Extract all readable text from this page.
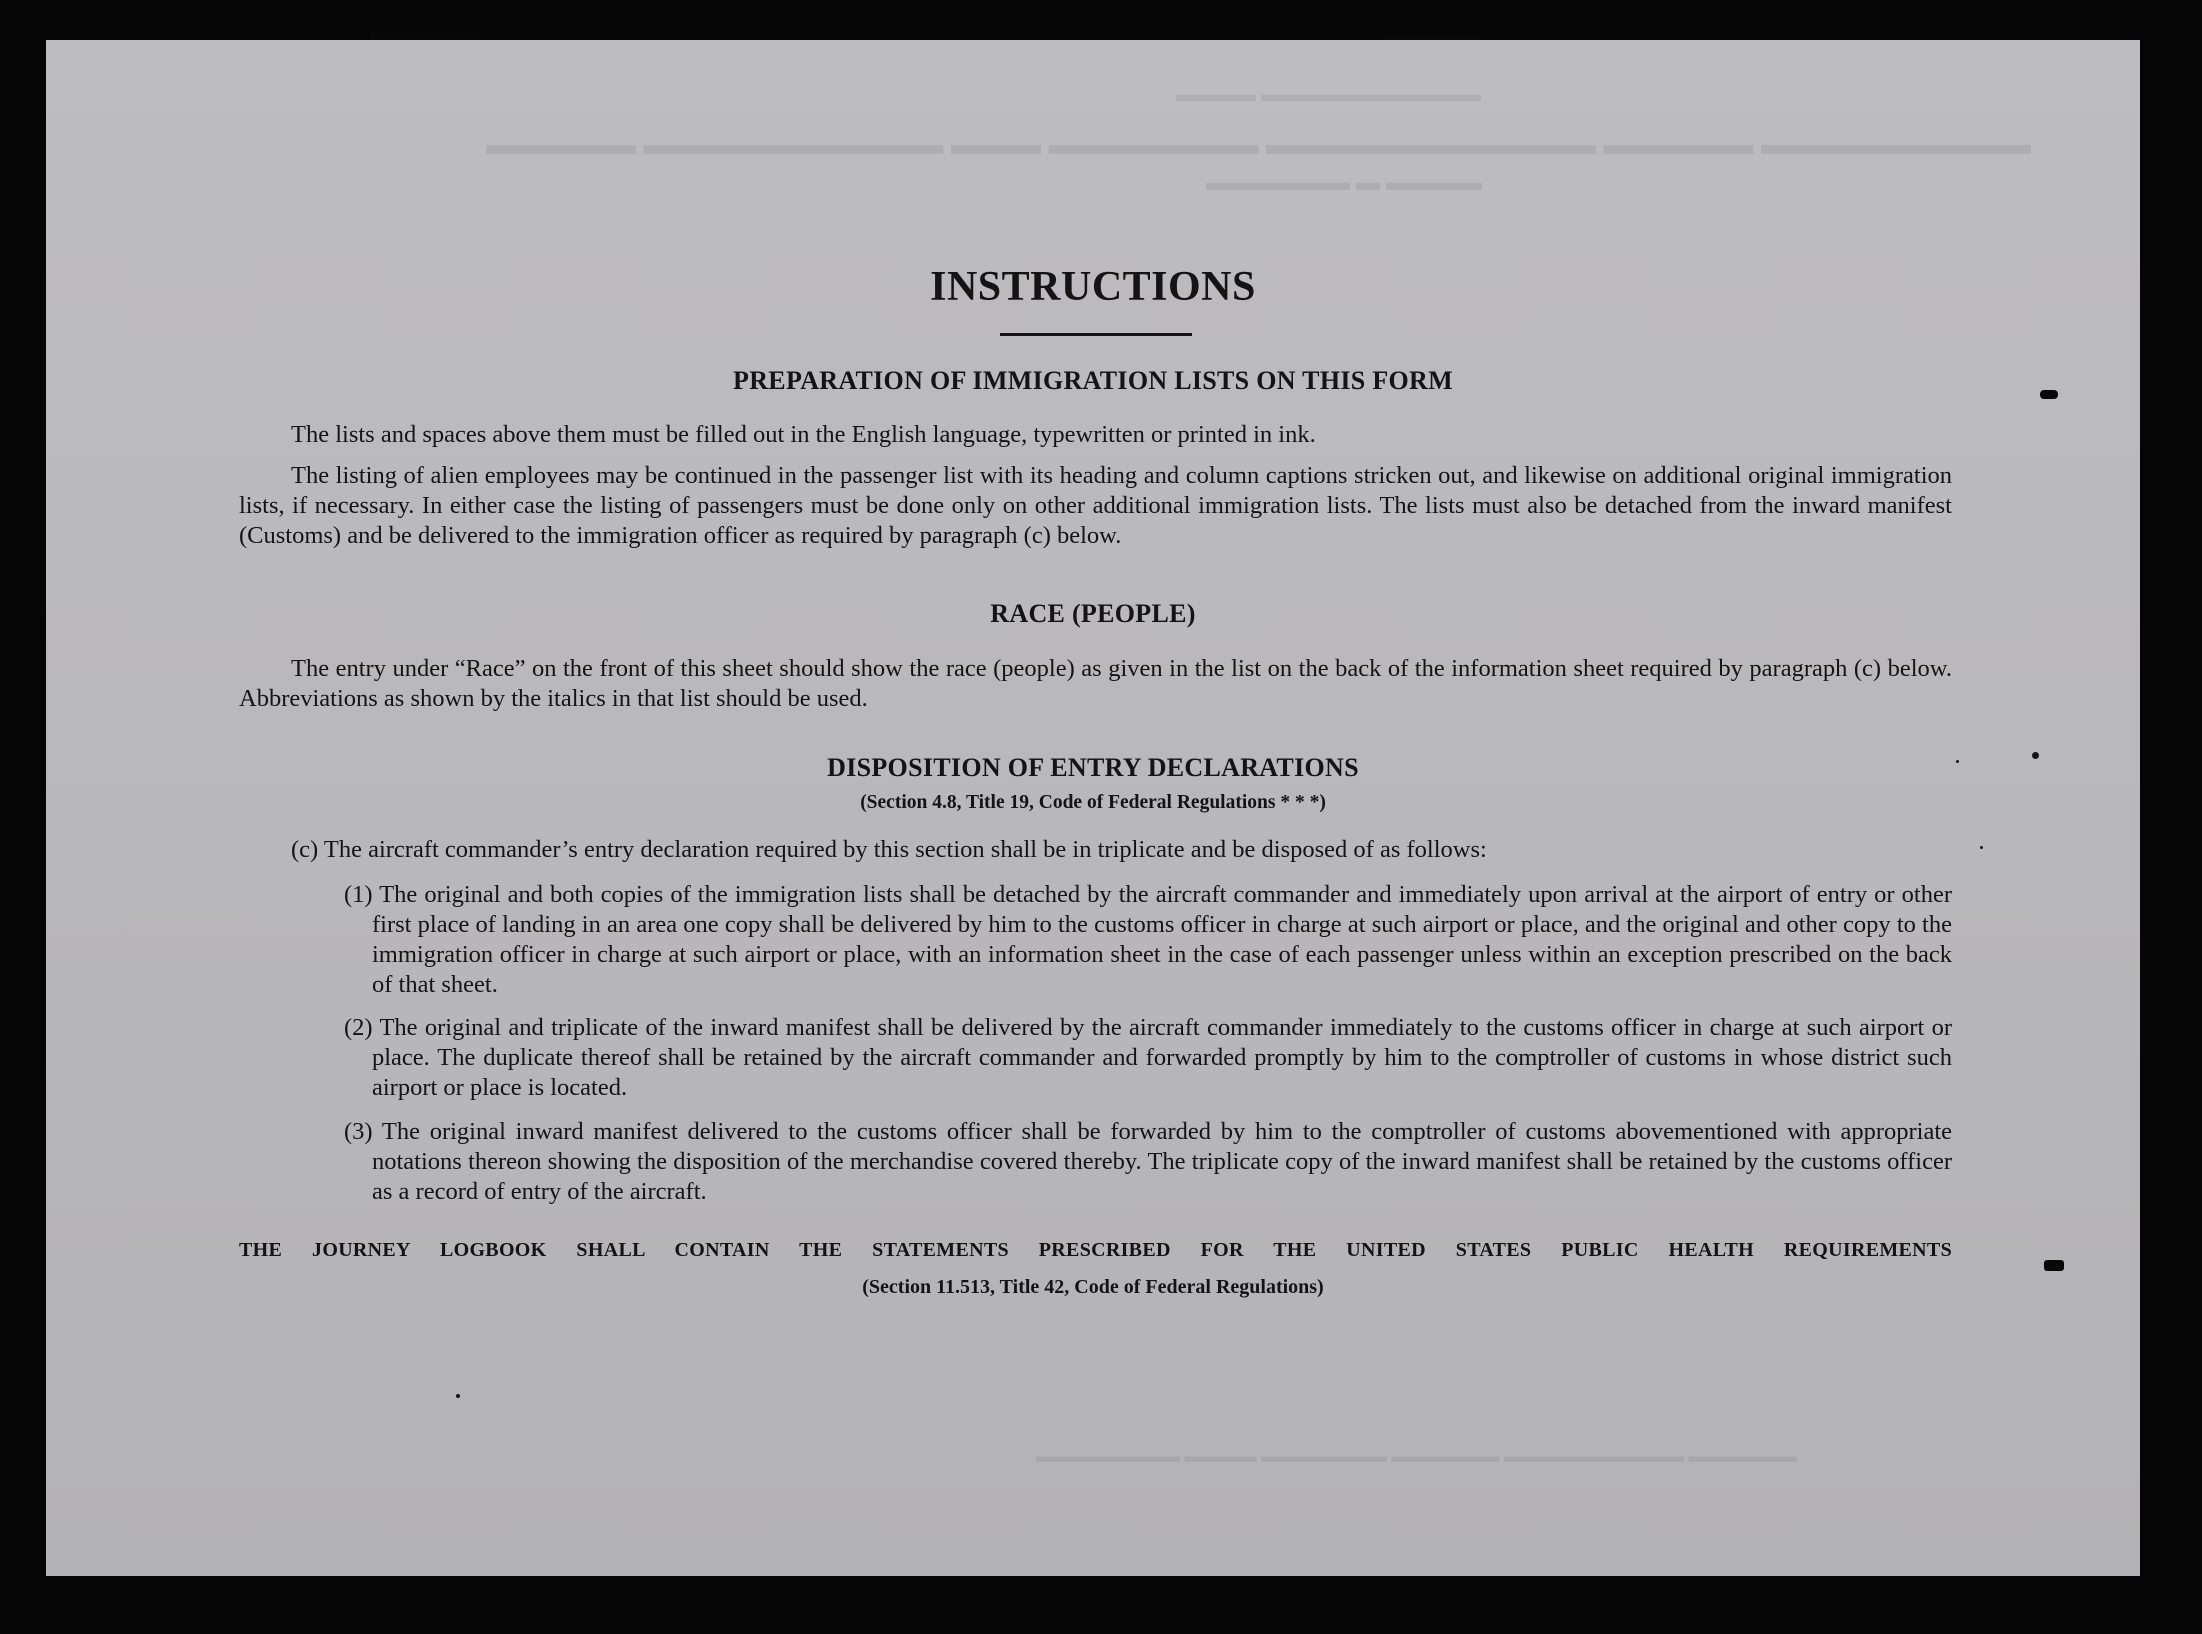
▬▬▬▬▬ ▬▬▬▬▬▬▬▬▬▬ ▬▬▬ ▬▬▬▬▬▬▬ ▬▬▬▬▬▬▬▬▬▬▬ ▬▬▬▬▬ ▬▬▬▬▬▬▬▬▬
▬▬▬▬ ▬▬▬▬▬▬▬▬▬▬▬
▬▬▬▬▬▬ ▬ ▬▬▬▬
▬▬▬▬▬▬▬▬ ▬▬▬▬ ▬▬▬▬▬▬▬ ▬▬▬▬▬▬ ▬▬▬▬▬▬▬▬▬▬ ▬▬▬▬▬▬

INSTRUCTIONS

PREPARATION OF IMMIGRATION LISTS ON THIS FORM

The lists and spaces above them must be filled out in the English language, typewritten or printed in ink.

The listing of alien employees may be continued in the passenger list with its heading and column captions stricken out, and likewise on additional original immigration lists, if necessary. In either case the listing of passengers must be done only on other additional immigration lists. The lists must also be detached from the inward manifest (Customs) and be delivered to the immigration officer as required by paragraph (c) below.

RACE (PEOPLE)

The entry under “Race” on the front of this sheet should show the race (people) as given in the list on the back of the information sheet required by paragraph (c) below. Abbreviations as shown by the italics in that list should be used.

DISPOSITION OF ENTRY DECLARATIONS

(Section 4.8, Title 19, Code of Federal Regulations * * *)

(c) The aircraft commander’s entry declaration required by this section shall be in triplicate and be disposed of as follows:

(1) The original and both copies of the immigration lists shall be detached by the aircraft commander and immediately upon arrival at the airport of entry or other first place of landing in an area one copy shall be delivered by him to the customs officer in charge at such airport or place, and the original and other copy to the immigration officer in charge at such airport or place, with an information sheet in the case of each passenger unless within an exception prescribed on the back of that sheet.
(2) The original and triplicate of the inward manifest shall be delivered by the aircraft commander immediately to the customs officer in charge at such airport or place. The duplicate thereof shall be retained by the aircraft commander and forwarded promptly by him to the comptroller of customs in whose district such airport or place is located.
(3) The original inward manifest delivered to the customs officer shall be forwarded by him to the comptroller of customs abovementioned with appropriate notations thereon showing the disposition of the merchandise covered thereby. The triplicate copy of the inward manifest shall be retained by the customs officer as a record of entry of the aircraft.

THE JOURNEY LOGBOOK SHALL CONTAIN THE STATEMENTS PRESCRIBED FOR THE UNITED STATES PUBLIC HEALTH REQUIREMENTS

(Section 11.513, Title 42, Code of Federal Regulations)
